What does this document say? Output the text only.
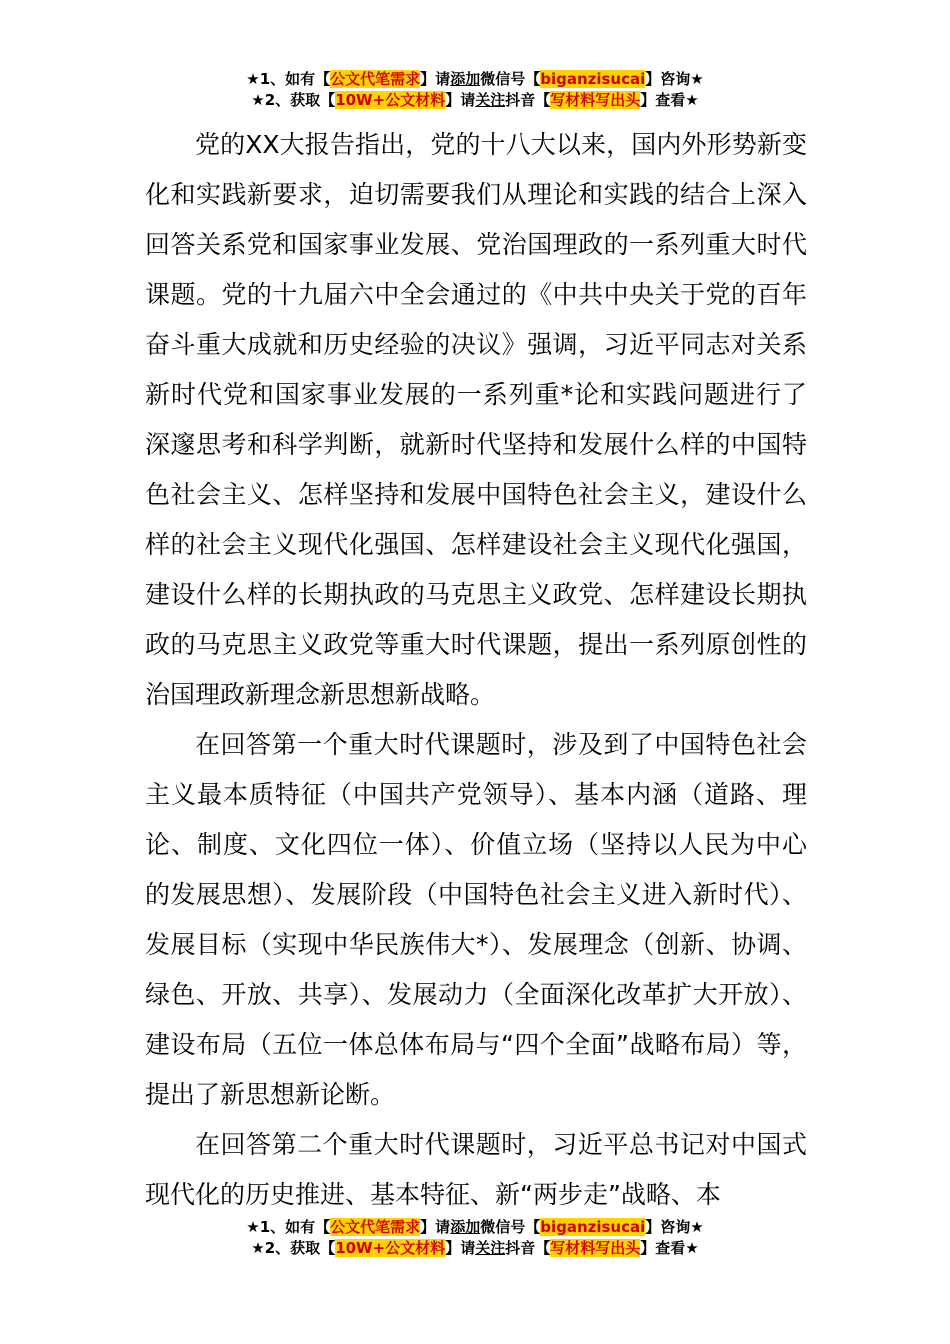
★1、如有【公文代笔需求】请添加微信号【biganzisucai】咨询★
★2、获取【10W+公文材料】请关注抖音【写材料写出头】查看★

党的XX大报告指出，党的十八大以来，国内外形势新变化和实践新要求，迫切需要我们从理论和实践的结合上深入回答关系党和国家事业发展、党治国理政的一系列重大时代课题。党的十九届六中全会通过的《中共中央关于党的百年奋斗重大成就和历史经验的决议》强调，习近平同志对关系新时代党和国家事业发展的一系列重*论和实践问题进行了深邃思考和科学判断，就新时代坚持和发展什么样的中国特色社会主义、怎样坚持和发展中国特色社会主义，建设什么样的社会主义现代化强国、怎样建设社会主义现代化强国，建设什么样的长期执政的马克思主义政党、怎样建设长期执政的马克思主义政党等重大时代课题，提出一系列原创性的治国理政新理念新思想新战略。

在回答第一个重大时代课题时，涉及到了中国特色社会主义最本质特征（中国共产党领导）、基本内涵（道路、理论、制度、文化四位一体）、价值立场（坚持以人民为中心的发展思想）、发展阶段（中国特色社会主义进入新时代）、发展目标（实现中华民族伟大*）、发展理念（创新、协调、绿色、开放、共享）、发展动力（全面深化改革扩大开放）、建设布局（五位一体总体布局与“四个全面”战略布局）等，提出了新思想新论断。

在回答第二个重大时代课题时，习近平总书记对中国式现代化的历史推进、基本特征、新“两步走”战略、本

★1、如有【公文代笔需求】请添加微信号【biganzisucai】咨询★
★2、获取【10W+公文材料】请关注抖音【写材料写出头】查看★
